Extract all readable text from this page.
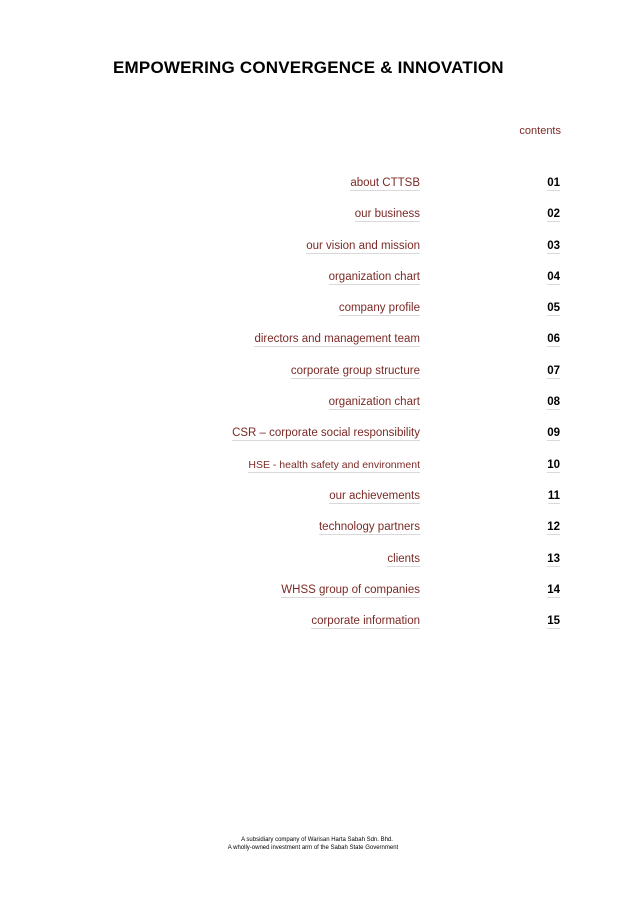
EMPOWERING CONVERGENCE & INNOVATION
contents
about CTTSB	01
our business	02
our vision and mission	03
organization chart	04
company profile	05
directors and management team	06
corporate group structure	07
organization chart	08
CSR – corporate social responsibility	09
HSE - health safety and environment	10
our achievements	11
technology partners	12
clients	13
WHSS group of companies	14
corporate information	15
A subsidiary company of Warisan Harta Sabah Sdn. Bhd.
A wholly-owned investment arm of the Sabah State Government
